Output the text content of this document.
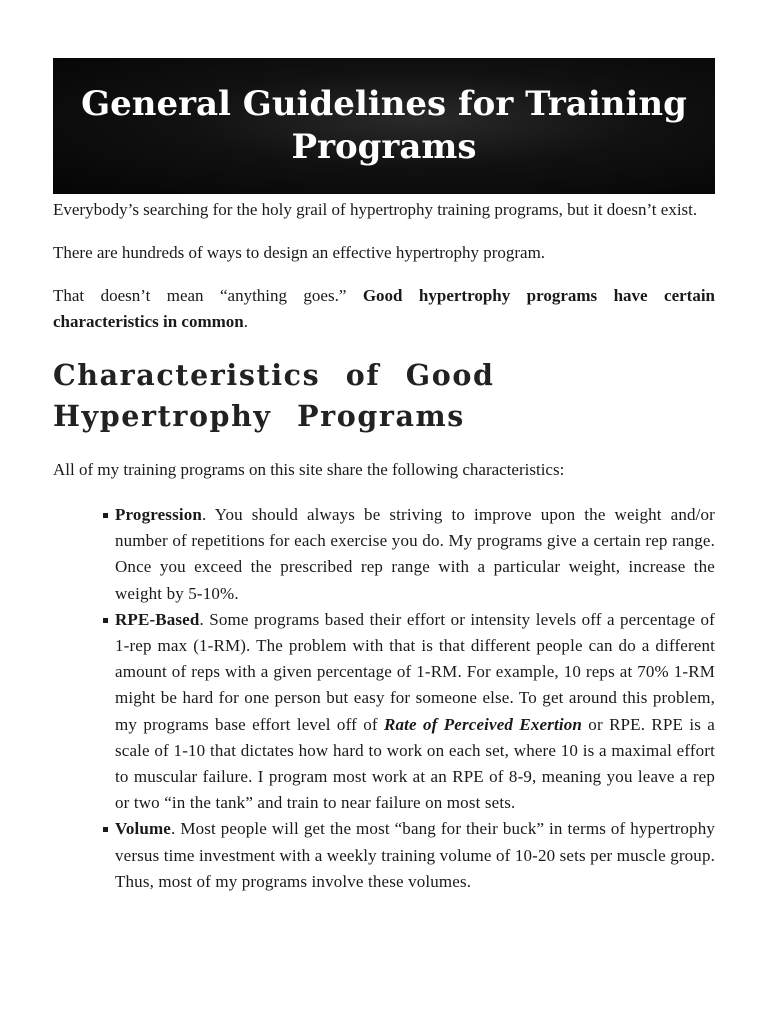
General Guidelines for Training Programs

Everybody’s searching for the holy grail of hypertrophy training programs, but it doesn’t exist.

There are hundreds of ways to design an effective hypertrophy program.

That doesn’t mean “anything goes.” Good hypertrophy programs have certain characteristics in common.

Characteristics of Good Hypertrophy Programs

All of my training programs on this site share the following characteristics:

Progression. You should always be striving to improve upon the weight and/or number of repetitions for each exercise you do. My programs give a certain rep range. Once you exceed the prescribed rep range with a particular weight, increase the weight by 5-10%.
RPE-Based. Some programs based their effort or intensity levels off a percentage of 1-rep max (1-RM). The problem with that is that different people can do a different amount of reps with a given percentage of 1-RM. For example, 10 reps at 70% 1-RM might be hard for one person but easy for someone else. To get around this problem, my programs base effort level off of Rate of Perceived Exertion or RPE. RPE is a scale of 1-10 that dictates how hard to work on each set, where 10 is a maximal effort to muscular failure. I program most work at an RPE of 8-9, meaning you leave a rep or two “in the tank” and train to near failure on most sets.
Volume. Most people will get the most “bang for their buck” in terms of hypertrophy versus time investment with a weekly training volume of 10-20 sets per muscle group. Thus, most of my programs involve these volumes.
